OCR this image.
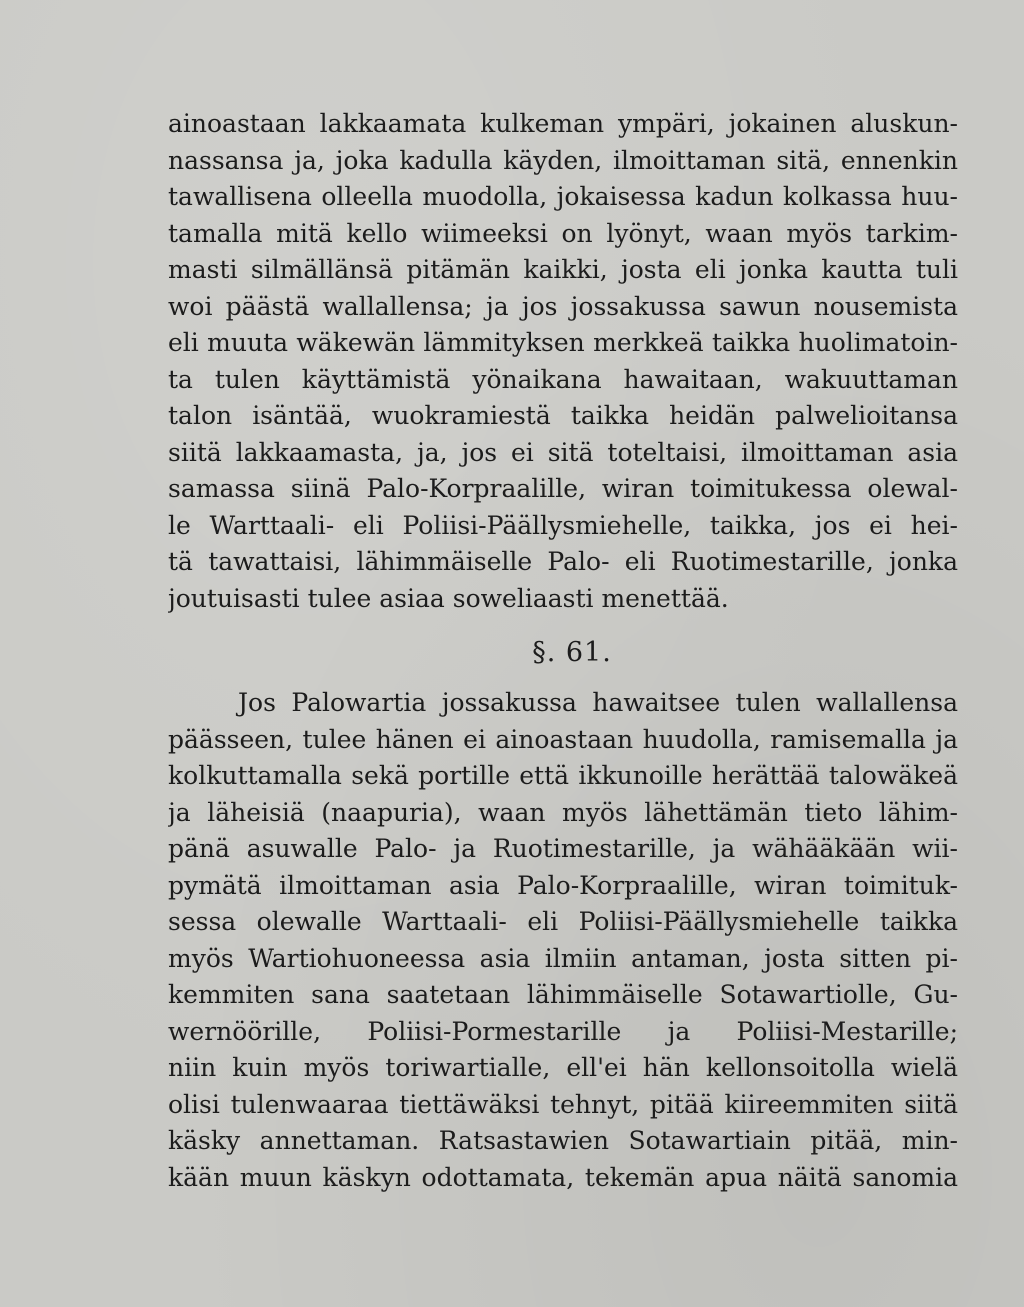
ainoastaan lakkaamata kulkeman ympäri, jokainen aluskun-
nassansa ja, joka kadulla käyden, ilmoittaman sitä, ennenkin
tawallisena olleella muodolla, jokaisessa kadun kolkassa huu-
tamalla mitä kello wiimeeksi on lyönyt, waan myös tarkim-
masti silmällänsä pitämän kaikki, josta eli jonka kautta tuli
woi päästä wallallensa; ja jos jossakussa sawun nousemista
eli muuta wäkewän lämmityksen merkkeä taikka huolimatoin-
ta tulen käyttämistä yönaikana hawaitaan, wakuuttaman
talon isäntää, wuokramiestä taikka heidän palwelioitansa
siitä lakkaamasta, ja, jos ei sitä toteltaisi, ilmoittaman asia
samassa siinä Palo-Korpraalille, wiran toimitukessa olewal-
le Warttaali- eli Poliisi-Päällysmiehelle, taikka, jos ei hei-
tä tawattaisi, lähimmäiselle Palo- eli Ruotimestarille, jonka
joutuisasti tulee asiaa soweliaasti menettää.
§. 61.
Jos Palowartia jossakussa hawaitsee tulen wallallensa
päässeen, tulee hänen ei ainoastaan huudolla, ramisemalla ja
kolkuttamalla sekä portille että ikkunoille herättää talowäkeä
ja läheisiä (naapuria), waan myös lähettämän tieto lähim-
pänä asuwalle Palo- ja Ruotimestarille, ja wähääkään wii-
pymätä ilmoittaman asia Palo-Korpraalille, wiran toimituk-
sessa olewalle Warttaali- eli Poliisi-Päällysmiehelle taikka
myös Wartiohuoneessa asia ilmiin antaman, josta sitten pi-
kemmiten sana saatetaan lähimmäiselle Sotawartiolle, Gu-
wernöörille, Poliisi-Pormestarille ja Poliisi-Mestarille;
niin kuin myös toriwartialle, ell'ei hän kellonsoitolla wielä
olisi tulenwaaraa tiettäwäksi tehnyt, pitää kiireemmiten siitä
käsky annettaman. Ratsastawien Sotawartiain pitää, min-
kään muun käskyn odottamata, tekemän apua näitä sanomia
